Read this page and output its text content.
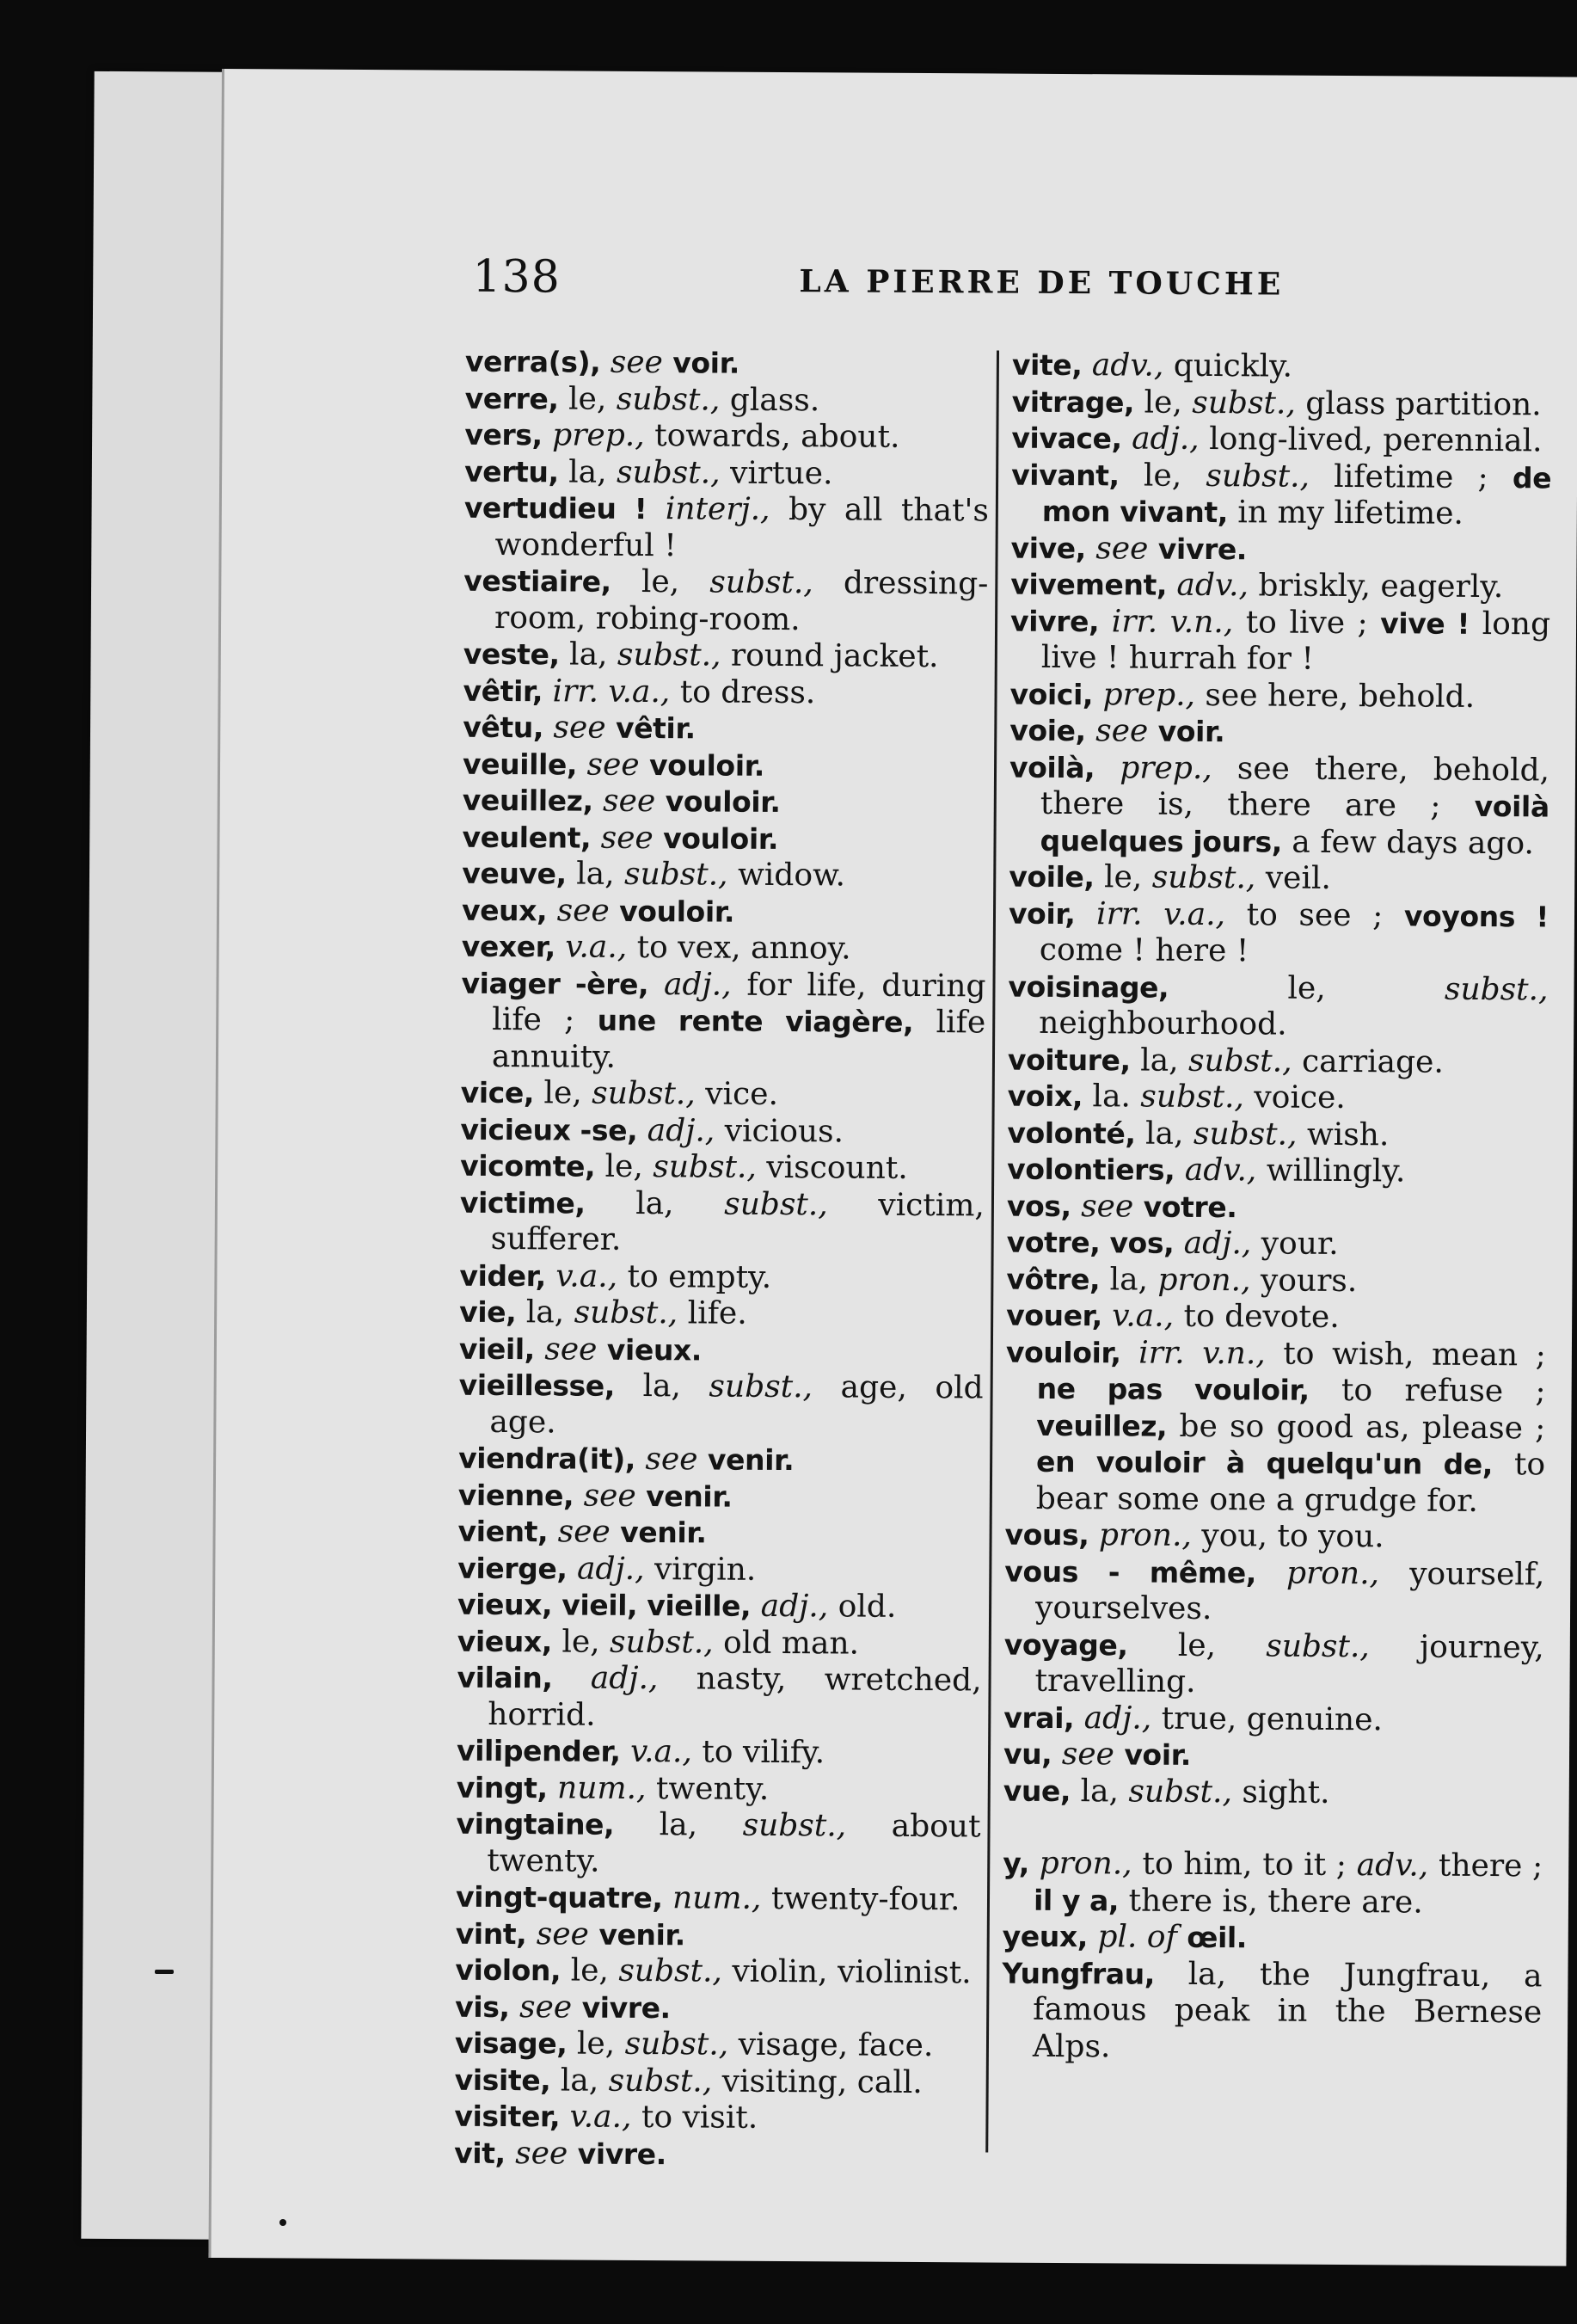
138	LA PIERRE DE TOUCHE
verra(s), see voir.
verre, le, subst., glass.
vers, prep., towards, about.
vertu, la, subst., virtue.
vertudieu ! interj., by all that's wonderful !
vestiaire, le, subst., dressing-room, robing-room.
veste, la, subst., round jacket.
vêtir, irr. v.a., to dress.
vêtu, see vêtir.
veuille, see vouloir.
veuillez, see vouloir.
veulent, see vouloir.
veuve, la, subst., widow.
veux, see vouloir.
vexer, v.a., to vex, annoy.
viager -ère, adj., for life, during life ; une rente viagère, life annuity.
vice, le, subst., vice.
vicieux -se, adj., vicious.
vicomte, le, subst., viscount.
victime, la, subst., victim, sufferer.
vider, v.a., to empty.
vie, la, subst., life.
vieil, see vieux.
vieillesse, la, subst., age, old age.
viendra(it), see venir.
vienne, see venir.
vient, see venir.
vierge, adj., virgin.
vieux, vieil, vieille, adj., old.
vieux, le, subst., old man.
vilain, adj., nasty, wretched, horrid.
vilipender, v.a., to vilify.
vingt, num., twenty.
vingtaine, la, subst., about twenty.
vingt-quatre, num., twenty-four.
vint, see venir.
violon, le, subst., violin, violinist.
vis, see vivre.
visage, le, subst., visage, face.
visite, la, subst., visiting, call.
visiter, v.a., to visit.
vit, see vivre.
vite, adv., quickly.
vitrage, le, subst., glass partition.
vivace, adj., long-lived, perennial.
vivant, le, subst., lifetime ; de mon vivant, in my lifetime.
vive, see vivre.
vivement, adv., briskly, eagerly.
vivre, irr. v.n., to live ; vive ! long live ! hurrah for !
voici, prep., see here, behold.
voie, see voir.
voilà, prep., see there, behold, there is, there are ; voilà quelques jours, a few days ago.
voile, le, subst., veil.
voir, irr. v.a., to see ; voyons ! come ! here !
voisinage,	le,	subst., neighbourhood.
voiture, la, subst., carriage.
voix, la. subst., voice.
volonté, la, subst., wish.
volontiers, adv., willingly.
vos, see votre.
votre, vos, adj., your.
vôtre, la, pron., yours.
vouer, v.a., to devote.
vouloir, irr. v.n., to wish, mean ; ne pas vouloir, to refuse ; veuillez, be so good as, please ; en vouloir à quelqu'un de, to bear some one a grudge for.
vous, pron., you, to you.
vous - même, pron., yourself, yourselves.
voyage, le, subst., journey, travelling.
vrai, adj., true, genuine.
vu, see voir.
vue, la, subst., sight.
y, pron., to him, to it ; adv., there ; il y a, there is, there are.
yeux, pl. of œil.
Yungfrau, la, the Jungfrau, a famous peak in the Bernese Alps.
